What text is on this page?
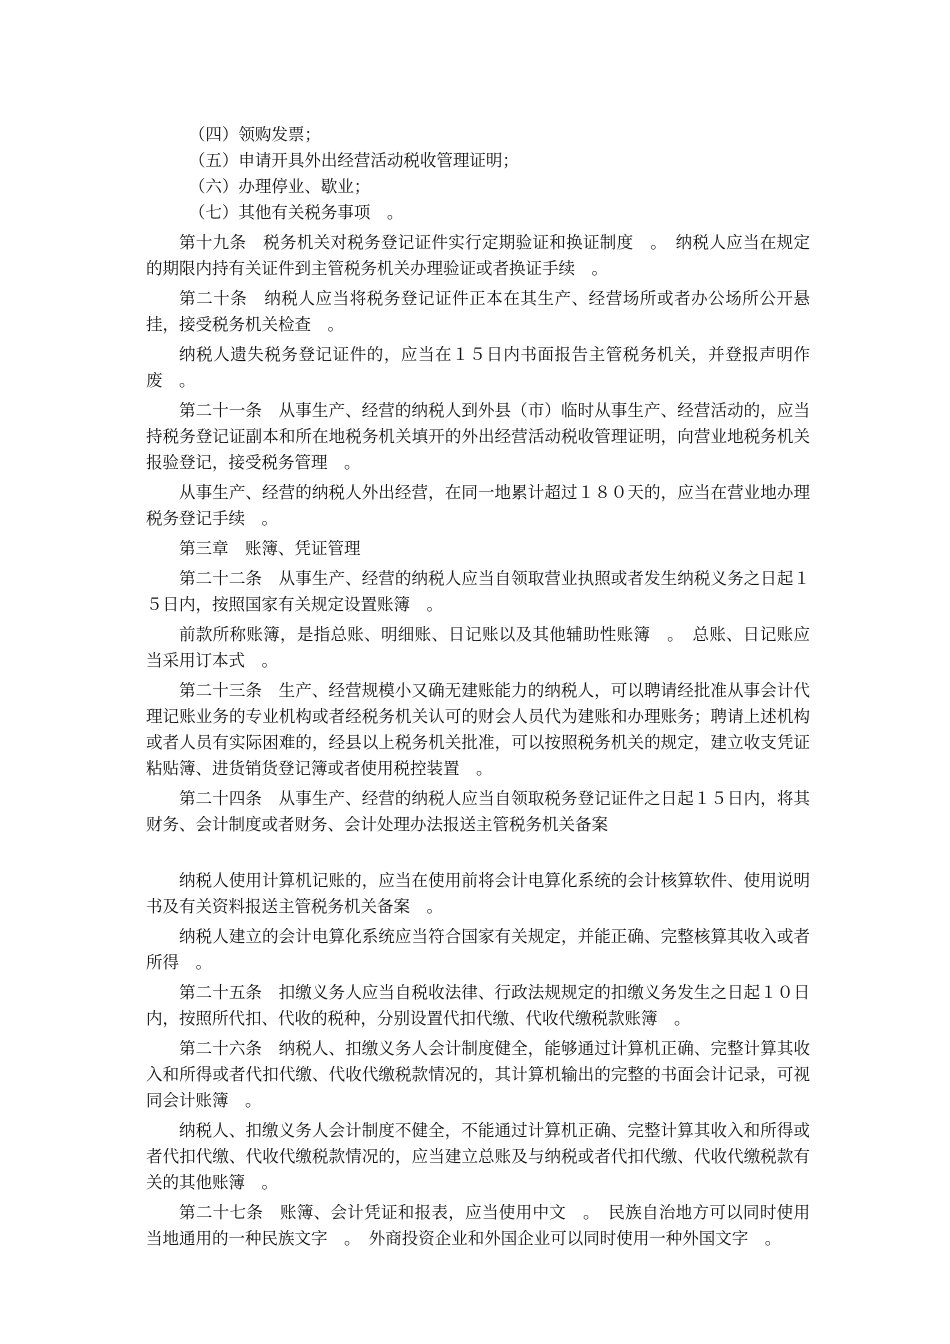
（四）领购发票；

（五）申请开具外出经营活动税收管理证明；

（六）办理停业、歇业；

（七）其他有关税务事项　。

第十九条　税务机关对税务登记证件实行定期验证和换证制度　。　纳税人应当在规定的期限内持有关证件到主管税务机关办理验证或者换证手续　。

第二十条　纳税人应当将税务登记证件正本在其生产、经营场所或者办公场所公开悬挂，接受税务机关检查　。

纳税人遗失税务登记证件的，应当在１５日内书面报告主管税务机关，并登报声明作废　。

第二十一条　从事生产、经营的纳税人到外县（市）临时从事生产、经营活动的，应当持税务登记证副本和所在地税务机关填开的外出经营活动税收管理证明，向营业地税务机关报验登记，接受税务管理　。

从事生产、经营的纳税人外出经营，在同一地累计超过１８０天的，应当在营业地办理税务登记手续　。

第三章　账簿、凭证管理

第二十二条　从事生产、经营的纳税人应当自领取营业执照或者发生纳税义务之日起１５日内，按照国家有关规定设置账簿　。

前款所称账簿，是指总账、明细账、日记账以及其他辅助性账簿　。　总账、日记账应当采用订本式　。

第二十三条　生产、经营规模小又确无建账能力的纳税人，可以聘请经批准从事会计代理记账业务的专业机构或者经税务机关认可的财会人员代为建账和办理账务；聘请上述机构或者人员有实际困难的，经县以上税务机关批准，可以按照税务机关的规定，建立收支凭证粘贴簿、进货销货登记簿或者使用税控装置　。

第二十四条　从事生产、经营的纳税人应当自领取税务登记证件之日起１５日内，将其财务、会计制度或者财务、会计处理办法报送主管税务机关备案

纳税人使用计算机记账的，应当在使用前将会计电算化系统的会计核算软件、使用说明书及有关资料报送主管税务机关备案　。

纳税人建立的会计电算化系统应当符合国家有关规定，并能正确、完整核算其收入或者所得　。

第二十五条　扣缴义务人应当自税收法律、行政法规规定的扣缴义务发生之日起１０日内，按照所代扣、代收的税种，分别设置代扣代缴、代收代缴税款账簿　。

第二十六条　纳税人、扣缴义务人会计制度健全，能够通过计算机正确、完整计算其收入和所得或者代扣代缴、代收代缴税款情况的，其计算机输出的完整的书面会计记录，可视同会计账簿　。

纳税人、扣缴义务人会计制度不健全，不能通过计算机正确、完整计算其收入和所得或者代扣代缴、代收代缴税款情况的，应当建立总账及与纳税或者代扣代缴、代收代缴税款有关的其他账簿　。

第二十七条　账簿、会计凭证和报表，应当使用中文　。　民族自治地方可以同时使用当地通用的一种民族文字　。　外商投资企业和外国企业可以同时使用一种外国文字　。
